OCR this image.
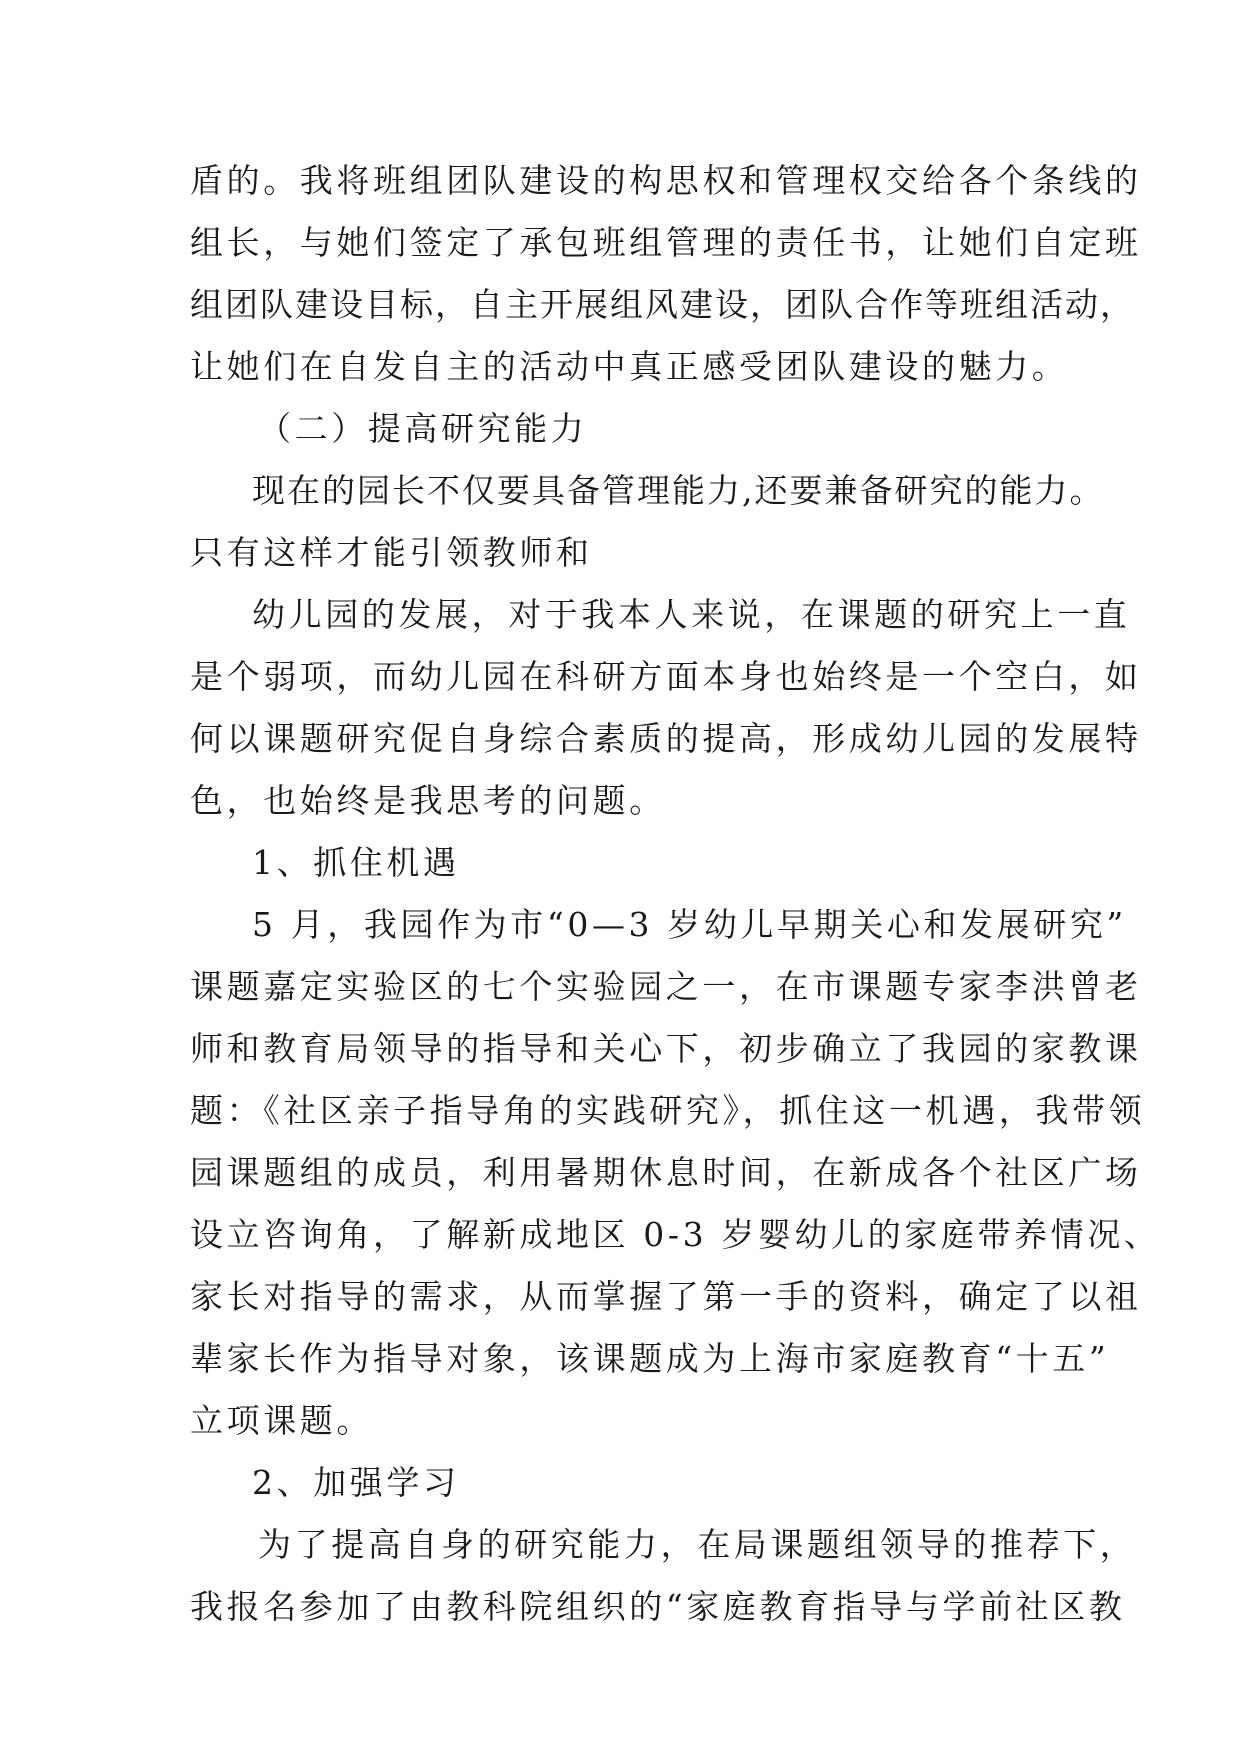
盾的。我将班组团队建设的构思权和管理权交给各个条线的
组长，与她们签定了承包班组管理的责任书，让她们自定班
组团队建设目标，自主开展组风建设，团队合作等班组活动，
让她们在自发自主的活动中真正感受团队建设的魅力。
（二）提高研究能力
现在的园长不仅要具备管理能力,还要兼备研究的能力。
只有这样才能引领教师和
幼儿园的发展，对于我本人来说，在课题的研究上一直
是个弱项，而幼儿园在科研方面本身也始终是一个空白，如
何以课题研究促自身综合素质的提高，形成幼儿园的发展特
色，也始终是我思考的问题。
1、抓住机遇
5 月，我园作为市“0—3 岁幼儿早期关心和发展研究”
课题嘉定实验区的七个实验园之一，在市课题专家李洪曾老
师和教育局领导的指导和关心下，初步确立了我园的家教课
题：《社区亲子指导角的实践研究》，抓住这一机遇，我带领
园课题组的成员，利用暑期休息时间，在新成各个社区广场
设立咨询角，了解新成地区 0-3 岁婴幼儿的家庭带养情况、
家长对指导的需求，从而掌握了第一手的资料，确定了以祖
辈家长作为指导对象，该课题成为上海市家庭教育“十五”
立项课题。
2、加强学习
为了提高自身的研究能力，在局课题组领导的推荐下，
我报名参加了由教科院组织的“家庭教育指导与学前社区教
